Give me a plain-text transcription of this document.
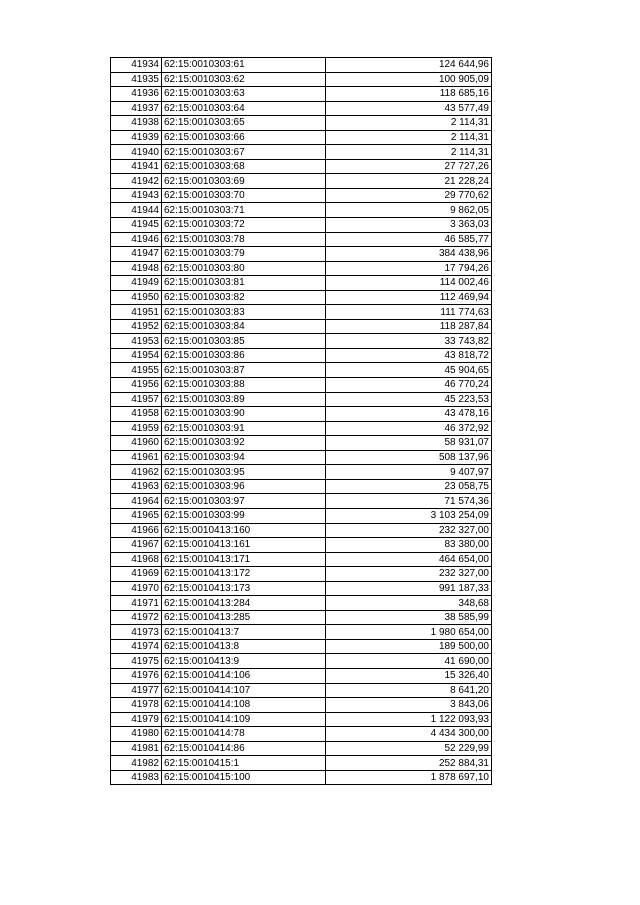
41934	62:15:0010303:61	124 644,96
41935	62:15:0010303:62	100 905,09
41936	62:15:0010303:63	118 685,16
41937	62:15:0010303:64	43 577,49
41938	62:15:0010303:65	2 114,31
41939	62:15:0010303:66	2 114,31
41940	62:15:0010303:67	2 114,31
41941	62:15:0010303:68	27 727,26
41942	62:15:0010303:69	21 228,24
41943	62:15:0010303:70	29 770,62
41944	62:15:0010303:71	9 862,05
41945	62:15:0010303:72	3 363,03
41946	62:15:0010303:78	46 585,77
41947	62:15:0010303:79	384 438,96
41948	62:15:0010303:80	17 794,26
41949	62:15:0010303:81	114 002,46
41950	62:15:0010303:82	112 469,94
41951	62:15:0010303:83	111 774,63
41952	62:15:0010303:84	118 287,84
41953	62:15:0010303:85	33 743,82
41954	62:15:0010303:86	43 818,72
41955	62:15:0010303:87	45 904,65
41956	62:15:0010303:88	46 770,24
41957	62:15:0010303:89	45 223,53
41958	62:15:0010303:90	43 478,16
41959	62:15:0010303:91	46 372,92
41960	62:15:0010303:92	58 931,07
41961	62:15:0010303:94	508 137,96
41962	62:15:0010303:95	9 407,97
41963	62:15:0010303:96	23 058,75
41964	62:15:0010303:97	71 574,36
41965	62:15:0010303:99	3 103 254,09
41966	62:15:0010413:160	232 327,00
41967	62:15:0010413:161	83 380,00
41968	62:15:0010413:171	464 654,00
41969	62:15:0010413:172	232 327,00
41970	62:15:0010413:173	991 187,33
41971	62:15:0010413:284	348,68
41972	62:15:0010413:285	38 585,99
41973	62:15:0010413:7	1 980 654,00
41974	62:15:0010413:8	189 500,00
41975	62:15:0010413:9	41 690,00
41976	62:15:0010414:106	15 326,40
41977	62:15:0010414:107	8 641,20
41978	62:15:0010414:108	3 843,06
41979	62:15:0010414:109	1 122 093,93
41980	62:15:0010414:78	4 434 300,00
41981	62:15:0010414:86	52 229,99
41982	62:15:0010415:1	252 884,31
41983	62:15:0010415:100	1 878 697,10
